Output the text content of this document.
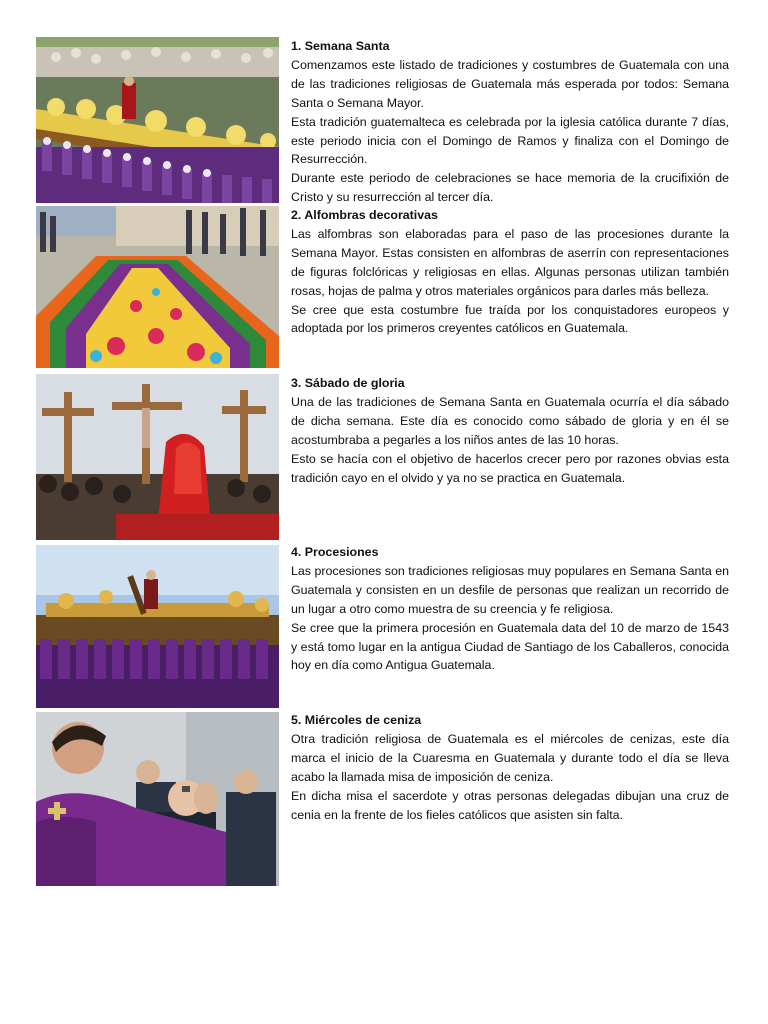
1. Semana Santa

Comenzamos este listado de tradiciones y costumbres de Guatemala con una de las tradiciones religiosas de Guatemala más esperada por todos: Semana Santa o Semana Mayor.

Esta tradición guatemalteca es celebrada por la iglesia católica durante 7 días, este periodo inicia con el Domingo de Ramos y finaliza con el Domingo de Resurrección.

Durante este periodo de celebraciones se hace memoria de la crucifixión de Cristo y su resurrección al tercer día.

2. Alfombras decorativas

Las alfombras son elaboradas para el paso de las procesiones durante la Semana Mayor. Estas consisten en alfombras de aserrín con representaciones de figuras folclóricas y religiosas en ellas. Algunas personas utilizan también rosas, hojas de palma y otros materiales orgánicos para darles más belleza.

Se cree que esta costumbre fue traída por los conquistadores europeos y adoptada por los primeros creyentes católicos en Guatemala.

3. Sábado de gloria

Una de las tradiciones de Semana Santa en Guatemala ocurría el día sábado de dicha semana. Este día es conocido como sábado de gloria y en él se acostumbraba a pegarles a los niños antes de las 10 horas.

Esto se hacía con el objetivo de hacerlos crecer pero por razones obvias esta tradición cayo en el olvido y ya no se practica en Guatemala.

4. Procesiones

Las procesiones son tradiciones religiosas muy populares en Semana Santa en Guatemala y consisten en un desfile de personas que realizan un recorrido de un lugar a otro como muestra de su creencia y fe religiosa.

Se cree que la primera procesión en Guatemala data del 10 de marzo de 1543 y está tomo lugar en la antigua Ciudad de Santiago de los Caballeros, conocida hoy en día como Antigua Guatemala.

5. Miércoles de ceniza

Otra tradición religiosa de Guatemala es el miércoles de cenizas, este día marca el inicio de la Cuaresma en Guatemala y durante todo el día se lleva acabo la llamada misa de imposición de ceniza.

En dicha misa el sacerdote y otras personas delegadas dibujan una cruz de cenia en la frente de los fieles católicos que asisten sin falta.
